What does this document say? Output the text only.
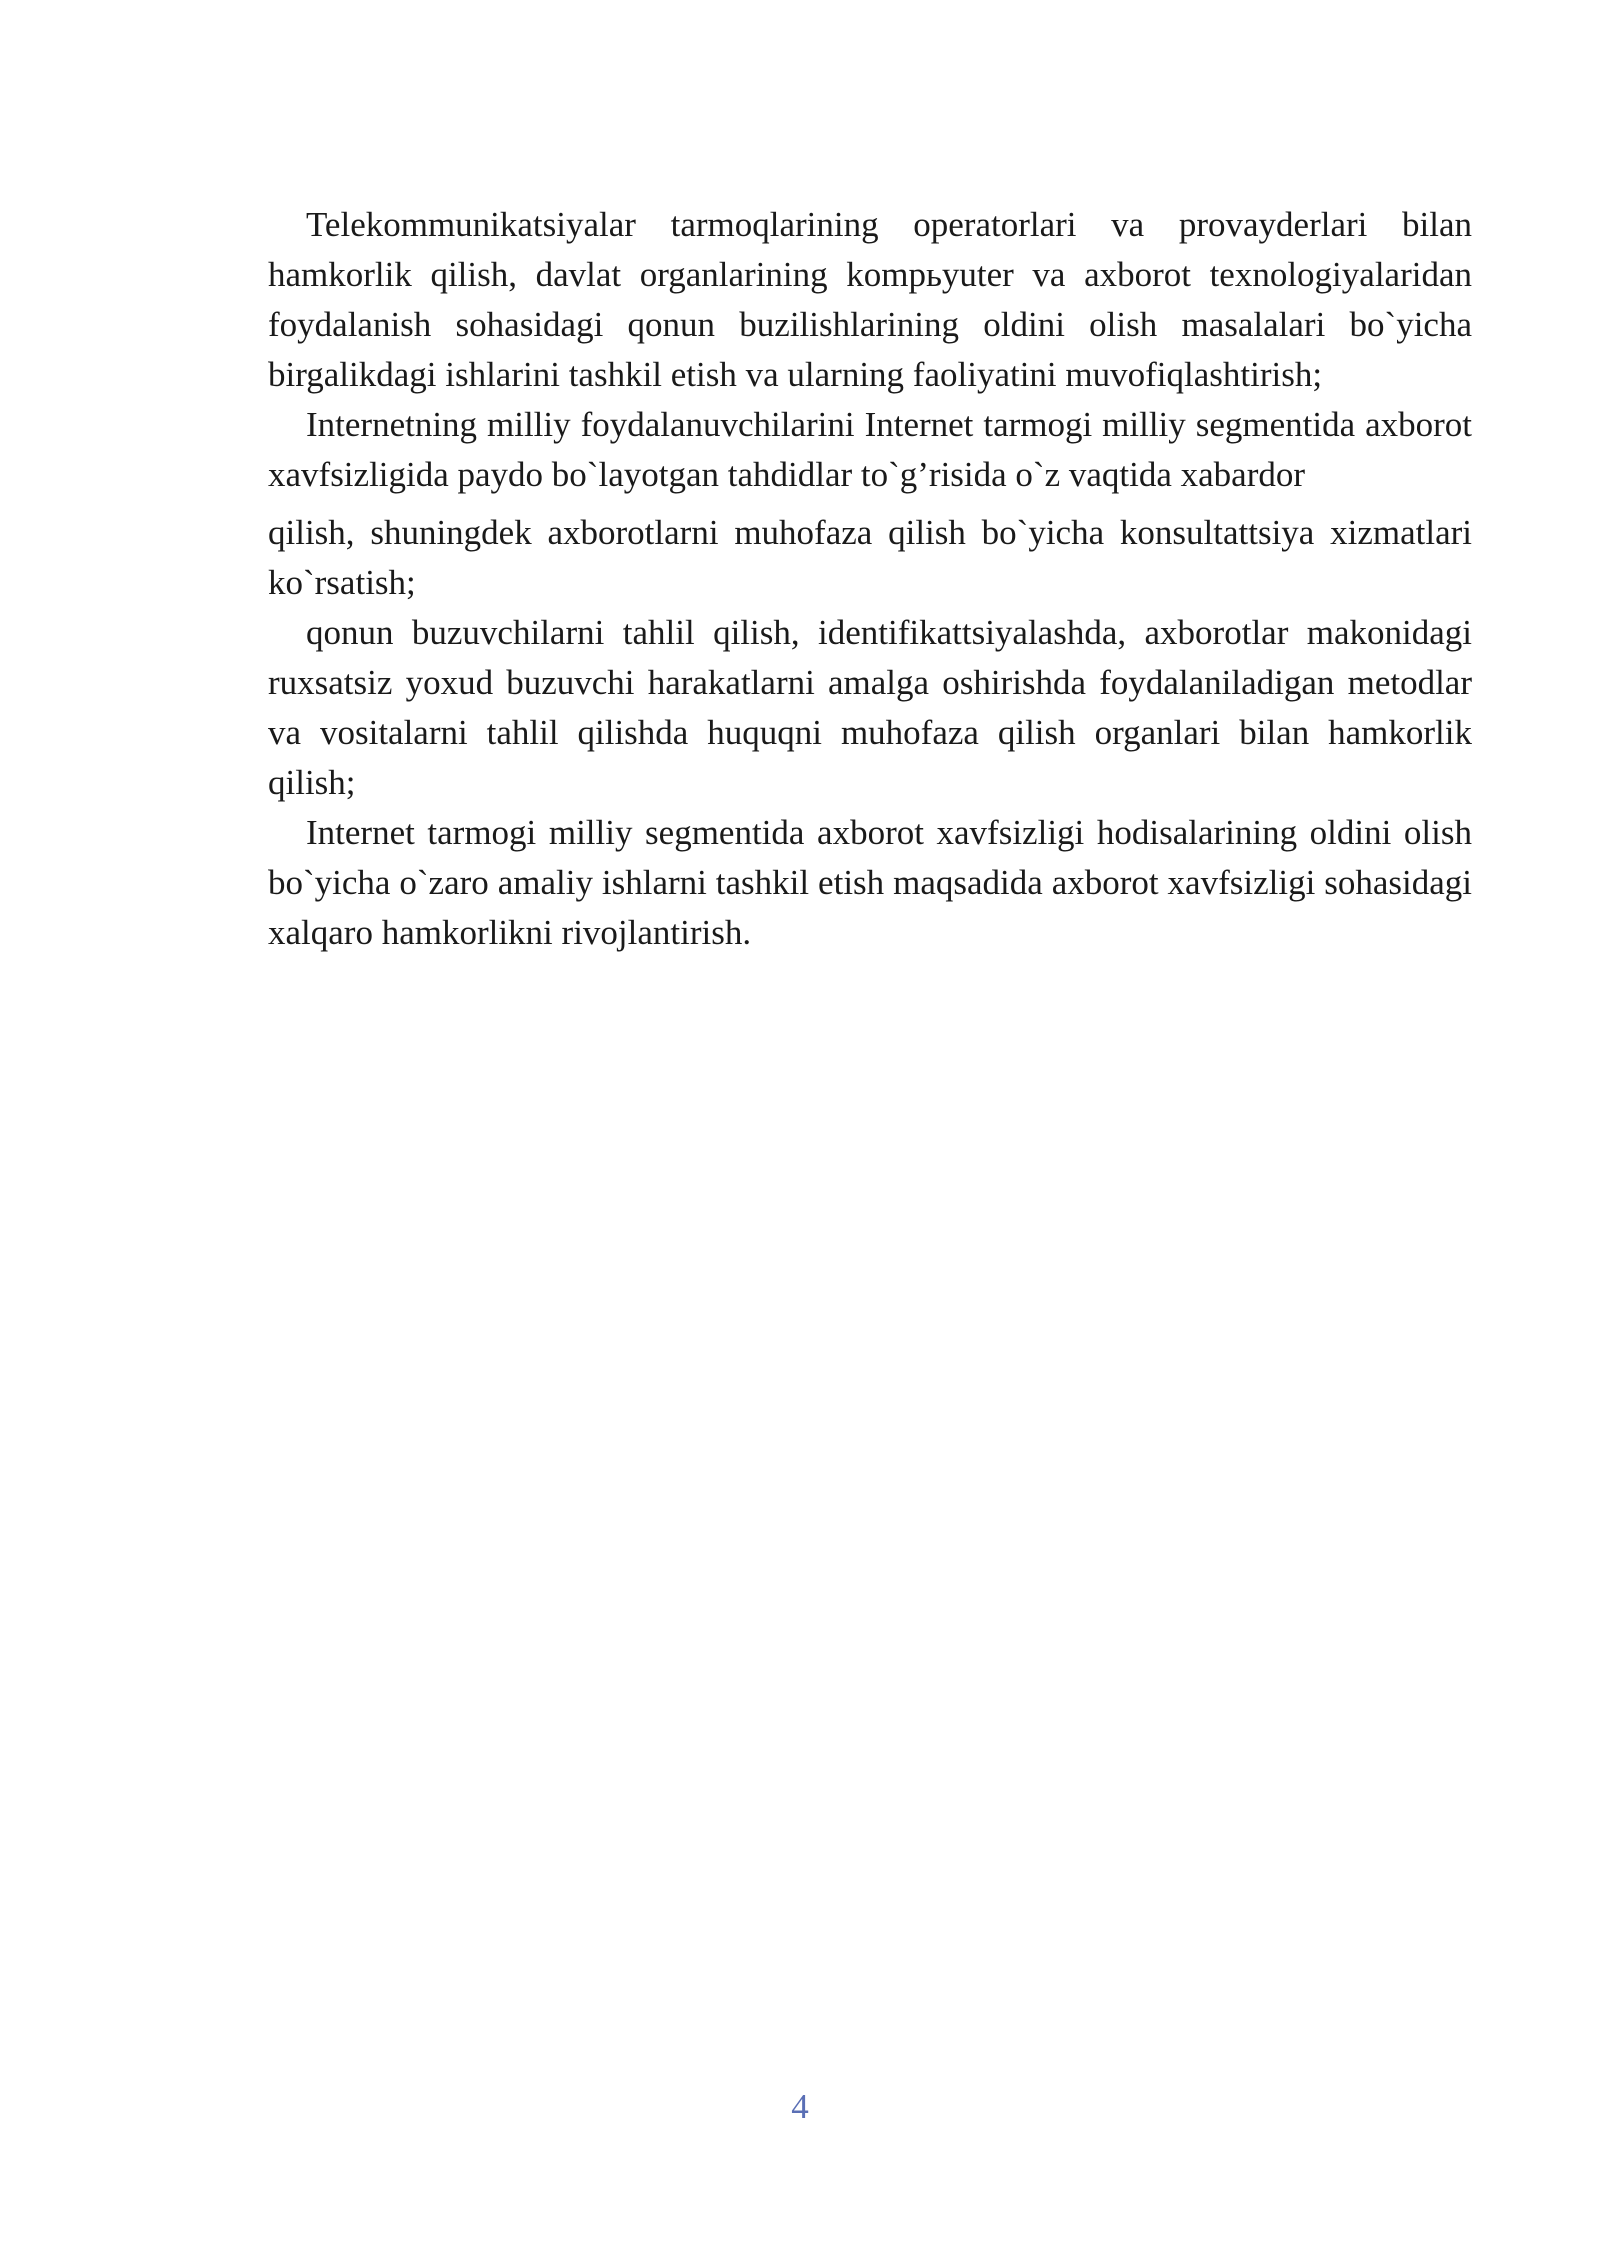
Telekommunikatsiyalar tarmoqlarining operatorlari va provayderlari bilan hamkorlik qilish, davlat organlarining kompьyuter va axborot texnologiyalaridan foydalanish sohasidagi qonun buzilishlarining oldini olish masalalari bo`yicha birgalikdagi ishlarini tashkil etish va ularning faoliyatini muvofiqlashtirish;

Internetning milliy foydalanuvchilarini Internet tarmogi milliy segmentida axborot xavfsizligida paydo bo`layotgan tahdidlar to`g’risida o`z vaqtida xabardor

qilish, shuningdek axborotlarni muhofaza qilish bo`yicha konsultattsiya xizmatlari ko`rsatish;

qonun buzuvchilarni tahlil qilish, identifikattsiyalashda, axborotlar makonidagi ruxsatsiz yoxud buzuvchi harakatlarni amalga oshirishda foydalaniladigan metodlar va vositalarni tahlil qilishda huquqni muhofaza qilish organlari bilan hamkorlik qilish;

Internet tarmogi milliy segmentida axborot xavfsizligi hodisalarining oldini olish bo`yicha o`zaro amaliy ishlarni tashkil etish maqsadida axborot xavfsizligi sohasidagi xalqaro hamkorlikni rivojlantirish.

4
